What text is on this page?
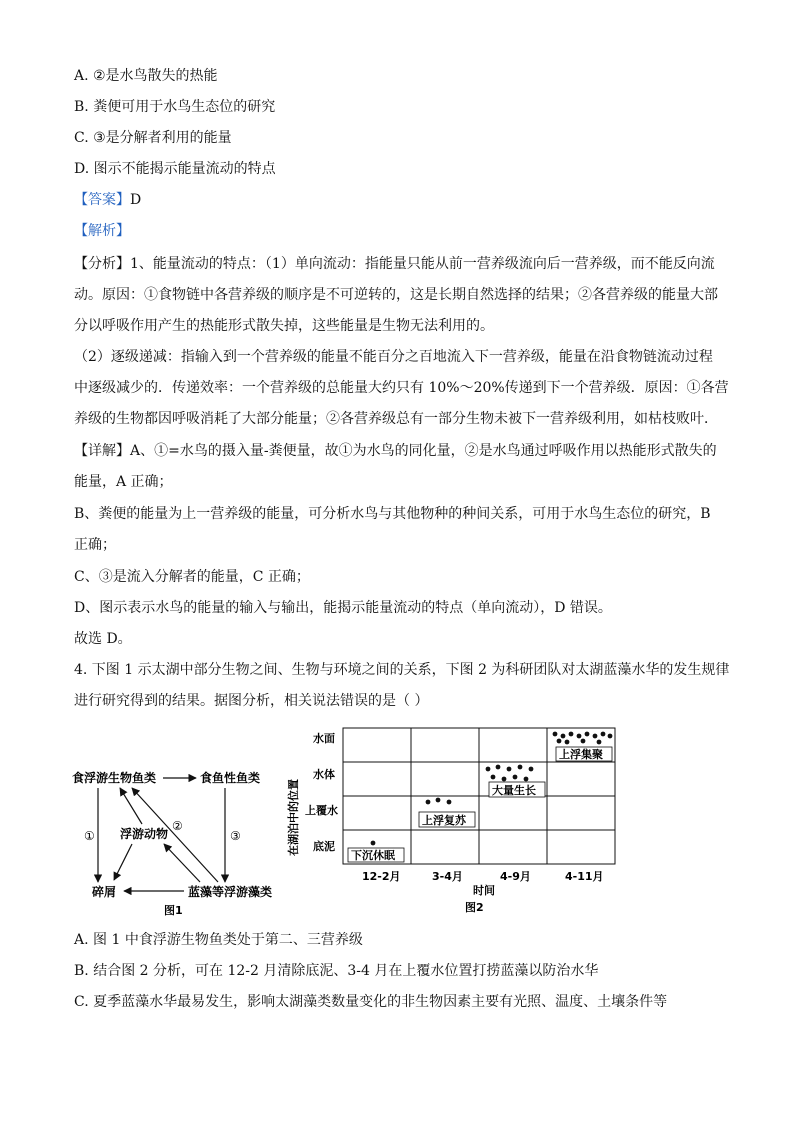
A. ②是水鸟散失的热能
B. 粪便可用于水鸟生态位的研究
C. ③是分解者利用的能量
D. 图示不能揭示能量流动的特点
【答案】D
【解析】
【分析】1、能量流动的特点：（1）单向流动：指能量只能从前一营养级流向后一营养级，而不能反向流
动。原因：①食物链中各营养级的顺序是不可逆转的，这是长期自然选择的结果；②各营养级的能量大部
分以呼吸作用产生的热能形式散失掉，这些能量是生物无法利用的。
（2）逐级递减：指输入到一个营养级的能量不能百分之百地流入下一营养级，能量在沿食物链流动过程
中逐级减少的．传递效率：一个营养级的总能量大约只有 10%～20%传递到下一个营养级．原因：①各营
养级的生物都因呼吸消耗了大部分能量；②各营养级总有一部分生物未被下一营养级利用，如枯枝败叶．
【详解】A、①=水鸟的摄入量-粪便量，故①为水鸟的同化量，②是水鸟通过呼吸作用以热能形式散失的
能量，A 正确；
B、粪便的能量为上一营养级的能量，可分析水鸟与其他物种的种间关系，可用于水鸟生态位的研究，B
正确；
C、③是流入分解者的能量，C 正确；
D、图示表示水鸟的能量的输入与输出，能揭示能量流动的特点（单向流动），D 错误。
故选 D。
4. 下图 1 示太湖中部分生物之间、生物与环境之间的关系，下图 2 为科研团队对太湖蓝藻水华的发生规律
进行研究得到的结果。据图分析，相关说法错误的是（ ）
食浮游生物鱼类	食鱼性鱼类
浮游动物
碎屑	蓝藻等浮游藻类
①
②
③
图1
在湖泊中的位置
水面
水体
上覆水
底泥
下沉休眠
上浮复苏
大量生长
上浮集聚
12-2月	3-4月	4-9月	4-11月
时间
图2
A. 图 1 中食浮游生物鱼类处于第二、三营养级
B. 结合图 2 分析，可在 12-2 月清除底泥、3-4 月在上覆水位置打捞蓝藻以防治水华
C. 夏季蓝藻水华最易发生，影响太湖藻类数量变化的非生物因素主要有光照、温度、土壤条件等
